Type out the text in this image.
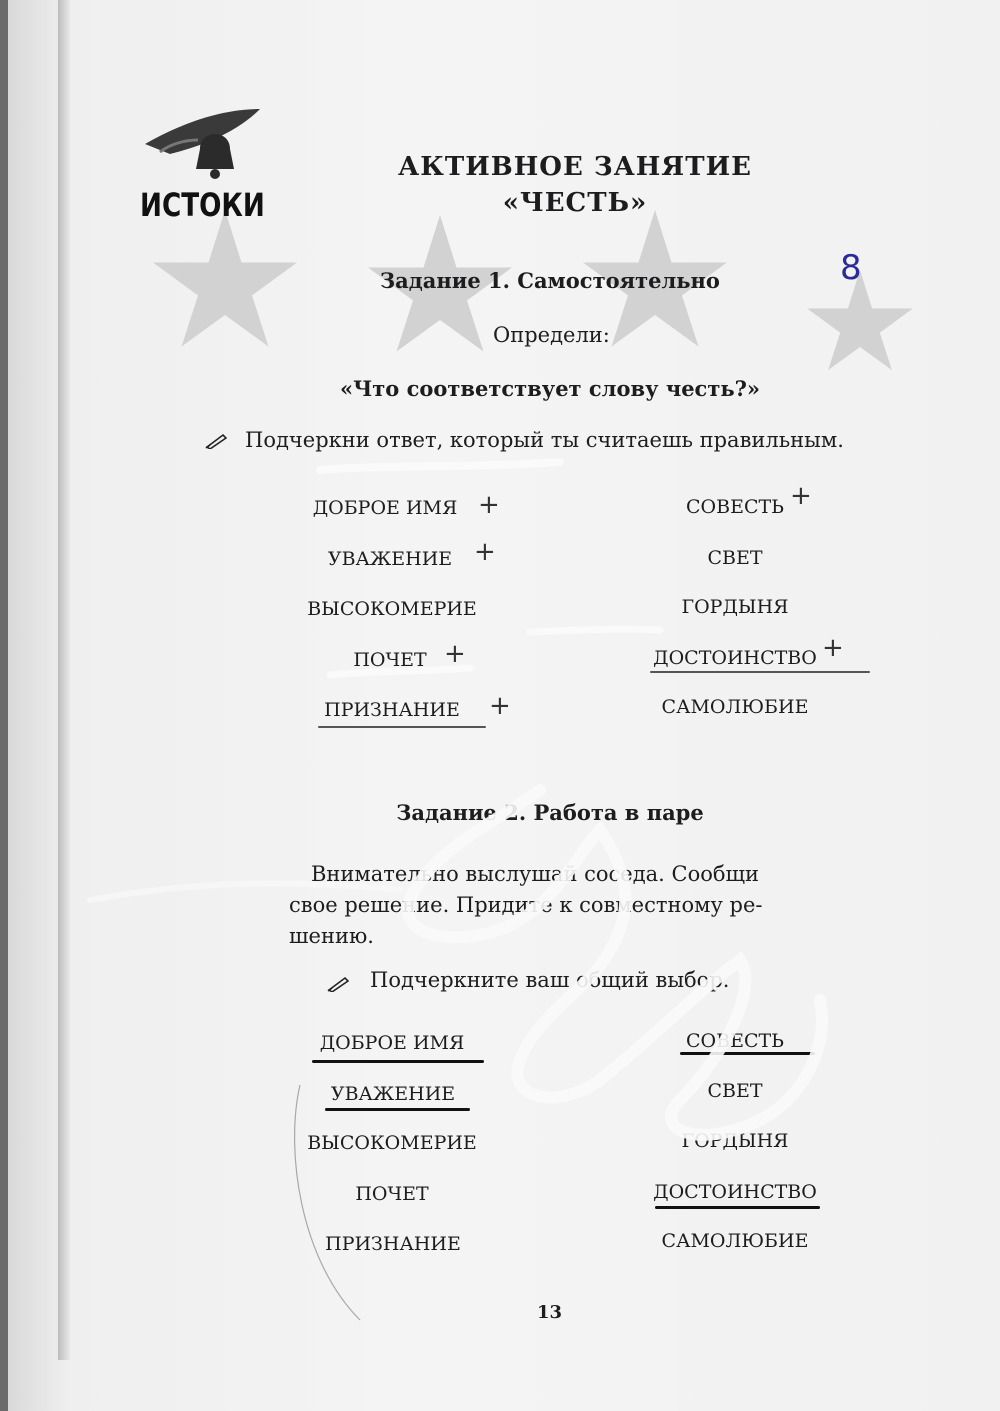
ИСТОКИ
АКТИВНОЕ ЗАНЯТИЕ
«ЧЕСТЬ»
8
Задание 1. Самостоятельно
Определи:
«Что соответствует слову честь?»
Подчеркни ответ, который ты считаешь правильным.
ДОБРОЕ ИМЯ
УВАЖЕНИЕ
ВЫСОКОМЕРИЕ
ПОЧЕТ
ПРИЗНАНИЕ
СОВЕСТЬ
СВЕТ
ГОРДЫНЯ
ДОСТОИНСТВО
САМОЛЮБИЕ
+
+
+
+
+
+
Задание 2. Работа в паре
Внимательно выслушай соседа. Сообщи
свое решение. Придите к совместному ре-
шению.
Подчеркните ваш общий выбор.
ДОБРОЕ ИМЯ
УВАЖЕНИЕ
ВЫСОКОМЕРИЕ
ПОЧЕТ
ПРИЗНАНИЕ
СОВЕСТЬ
СВЕТ
ГОРДЫНЯ
ДОСТОИНСТВО
САМОЛЮБИЕ
13
